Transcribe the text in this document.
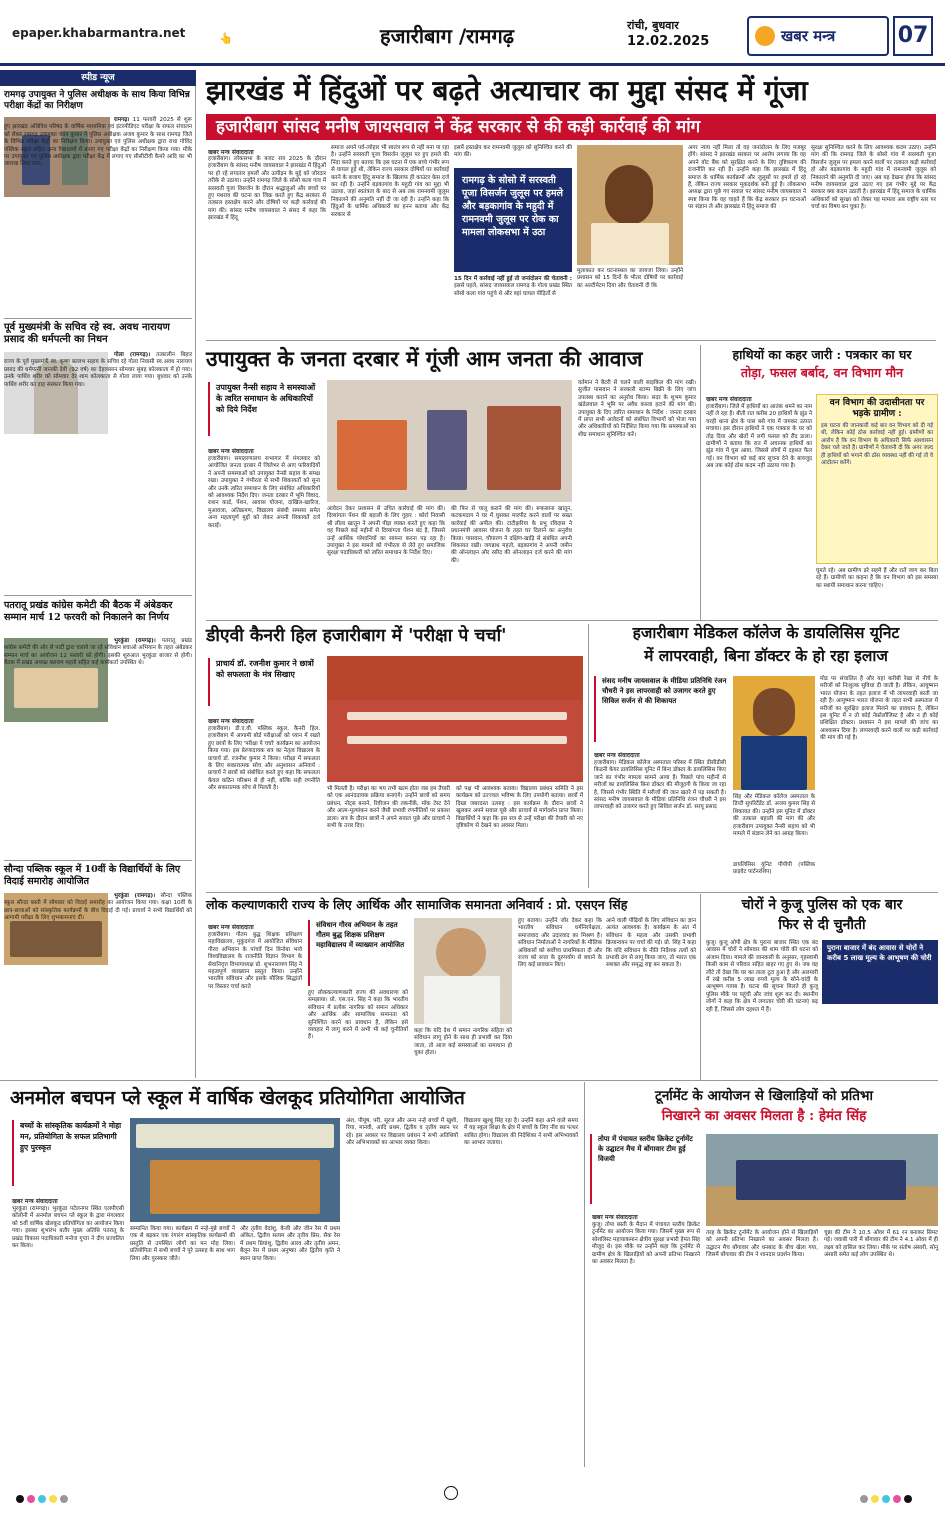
epaper.khabarmantra.net	👆	हजारीबाग /रामगढ़	रांची, बुधवार
12.02.2025	खबर मन्त्र	07
स्पीड न्यूज
रामगढ़ उपायुक्त ने पुलिस अधीक्षक के साथ किया विभिन्न परीक्षा केंद्रों का निरीक्षण
रामगढ़। 11 फरवरी 2025 से शुरू हुए झारखंड अधिविध परिषद के वार्षिक माध्यमिक एवं इंटरमीडिएट परीक्षा के सफल संचालन को लेकर रामगढ़ उपायुक्त चंदन कुमार ने पुलिस अधीक्षक अजय कुमार के साथ रामगढ़ जिले के विभिन्न परीक्षा केंद्रों का निरीक्षण किया। उपायुक्त एवं पुलिस अधीक्षक द्वारा राधा गोविंद पब्लिक स्कूल सहित अन्य विद्यालयों में बनाए गए परीक्षा केंद्रों का निरीक्षण किया गया। मौके पर उपायुक्त एवं पुलिस अधीक्षक द्वारा परीक्षा केंद्र में लगाए गए सीसीटीवी कैमरे आदि का भी जायजा लिया गया।
पूर्व मुख्यमंत्री के सचिव रहे स्व. अवध नारायण प्रसाद की धर्मपत्नी का निधन
गोला (रामगढ़)। तत्कालीन बिहार राज्य के पूर्व मुख्यमंत्री स्व. कृष्ण बल्लभ सहाय के सचिव रहे गोला निवासी स्व.अवध नारायण प्रसाद की धर्मपत्नी जानकी देवी (92 वर्ष) का देहावसान सोमवार सुबह कोलकाता में हो गया। उनके पार्थिव शरीर को सोमवार देर शाम कोलकाता से गोला लाया गया। बुधवार को उनके पार्थिव शरीर का दाह संस्कार किया गया।
पतरातू प्रखंड कांग्रेस कमेटी की बैठक में अंबेडकर सम्मान मार्च 12 फरवरी को निकालने का निर्णय
भुरकुंडा (रामगढ़)। पतरातू प्रखंड कांग्रेस कमेटी की ओर से पार्टी द्वारा चलाये जा रहे संविधान बचाओ अभियान के तहत अंबेडकर सम्मान मार्च का आयोजन 12 फरवरी को होगी। इसकी शुरुआत भुरकुंडा बाजार से होगी। बैठक में प्रखंड अध्यक्ष बलराम महतो सहित कई कार्यकर्ता उपस्थित थे।
सौन्दा पब्लिक स्कूल में 10वीं के विद्यार्थियों के लिए विदाई समारोह आयोजित
भुरकुंडा (रामगढ़)। सौन्दा पब्लिक स्कूल सौन्दा बस्ती में सोमवार को विदाई समारोह का आयोजन किया गया। कक्षा 10वीं के छात्र-छात्राओं को सांस्कृतिक कार्यक्रमों के बीच विदाई दी गई। प्राचार्य ने सभी विद्यार्थियों को आगामी परीक्षा के लिए शुभकामनाएं दीं।
झारखंड में हिंदुओं पर बढ़ते अत्याचार का मुद्दा संसद में गूंजा
हजारीबाग सांसद मनीष जायसवाल ने केंद्र सरकार से की कड़ी कार्रवाई की मांग
खबर मन्त्र संवाददाता
हजारीबाग। लोकसभा के बजट सत्र 2025 के दौरान हजारीबाग के सांसद मनीष जायसवाल ने झारखंड में हिंदुओं पर हो रहे लगातार हमलों और उत्पीड़न के मुद्दे को जोरदार तरीके से उठाया। उन्होंने रामगढ़ जिले के सोसो कला गांव में सरस्वती पूजा विसर्जन के दौरान श्रद्धालुओं और बच्चों पर हुए पथराव की घटना का जिक्र करते हुए केंद्र सरकार से तत्काल हस्तक्षेप करने और दोषियों पर कड़ी कार्रवाई की मांग की। सांसद मनीष जायसवाल ने संसद में कहा कि झारखंड में हिंदू
समाज अपने पर्व-त्योहार भी स्वतंत्र रूप से नहीं मना पा रहा है। उन्होंने सरस्वती पूजा विसर्जन जुलूस पर हुए हमले की निंदा करते हुए बताया कि इस घटना में एक बच्चे गंभीर रूप से घायल हुई थी, लेकिन राज्य सरकार दोषियों पर कार्रवाई करने के बजाय हिंदू समाज के खिलाफ ही काउंटर केस दर्ज कर रही है। उन्होंने बड़कागांव के महुदी गांव का मुद्दा भी उठाया, जहां स्वतंत्रता के बाद से अब तक रामनवमी जुलूस निकालने की अनुमति नहीं दी जा रही है। उन्होंने कहा कि हिंदुओं के धार्मिक अधिकारों का हनन बताया और केंद्र सरकार से
इसमें हस्तक्षेप कर रामनवमी जुलूस को सुनिश्चित करने की मांग की।
रामगढ़ के सोसो में सरस्वती पूजा विसर्जन जुलूस पर हमले और बड़कागांव के महुदी में रामनवमी जुलूस पर रोक का मामला लोकसभा में उठा
15 दिन में कार्रवाई नहीं हुई तो जनांदोलन की चेतावनी : इससे पहले, सांसद जायसवाल रामगढ़ के गोला प्रखंड स्थित सोसो कला गांव पहुंचे थे और वहां घायल पीड़ितों से
मुलाकात कर घटनास्थल का जायजा लिया। उन्होंने प्रशासन को 15 दिनों के भीतर दोषियों पर कार्रवाई का अल्टीमेटम दिया और चेतावनी दी कि
अगर न्याय नहीं मिला तो वह जनांदोलन के लिए मजबूर होंगे। सांसद ने झारखंड सरकार पर आरोप लगाया कि वह अपने वोट बैंक को सुरक्षित करने के लिए तुष्टिकरण की राजनीति कर रही है। उन्होंने कहा कि झारखंड में हिंदू समाज के धार्मिक कार्यक्रमों और जुलूसों पर हमले हो रहे हैं, लेकिन राज्य सरकार मूकदर्शक बनी हुई है। लोकसभा अध्यक्ष द्वारा पूछे गए सवाल पर सांसद मनीष जायसवाल ने स्पष्ट किया कि वह चाहते हैं कि केंद्र सरकार इन घटनाओं पर संज्ञान ले और झारखंड में हिंदू समाज की
सुरक्षा सुनिश्चित करने के लिए आवश्यक कदम उठाए। उन्होंने मांग की कि रामगढ़ जिले के सोसो गांव में सरस्वती पूजा विसर्जन जुलूस पर हमला करने वालों पर तत्काल कड़ी कार्रवाई हो और बड़कागांव के महुदी गांव में रामनवमी जुलूस को निकालने की अनुमति दी जाए। अब यह देखना होगा कि सांसद मनीष जायसवाल द्वारा उठाए गए इस गंभीर मुद्दे पर केंद्र सरकार क्या कदम उठाती है। झारखंड में हिंदू समाज के धार्मिक अधिकारों को सुरक्षा को लेकर यह मामला अब राष्ट्रीय स्तर पर चर्चा का विषय बन चुका है।
उपायुक्त के जनता दरबार में गूंजी आम जनता की आवाज
उपायुक्त नैन्सी सहाय ने समस्याओं के त्वरित समाधान के अधिकारियों को दिये निर्देश
खबर मन्त्र संवाददाता
हजारीबाग। समाहरणालय सभागार में मंगलवार को आयोजित जनता दरबार में जिलेभर से आए फरियादियों ने अपनी समस्याओं को उपायुक्त नैन्सी सहाय के समक्ष रखा। उपायुक्त ने गंभीरता से सभी शिकायतों को सुना और उनके त्वरित समाधान के लिए संबंधित अधिकारियों को आवश्यक निर्देश दिए। जनता दरबार में भूमि विवाद, राशन कार्ड, पेंशन, आवास योजना, दाखिल-खारिज, मुआवजा, अतिक्रमण, विद्यालय संबंधी समस्या समेत अन्य महत्वपूर्ण मुद्दों को लेकर अपनी शिकायतें दर्ज कराईं।
आवेदन देकर प्रशासन से उचित कार्रवाई की मांग की। दिव्यांगता पेंशन की बहाली के लिए गुहार : कोर्रा निवासी श्री लीला खातून ने अपनी पीड़ा व्यक्त करते हुए कहा कि वह पिछले कई महीनों से दिव्यांगता पेंशन बंद है, जिससे उन्हें आर्थिक परेशानियों का सामना करना पड़ रहा है। उपायुक्त ने इस मामले को गंभीरता से लेते हुए समाजिक सुरक्षा पदाधिकारी को त्वरित समाधान के निर्देश दिए।
की फिर से चालू कराने की मांग की। रूकसाना खातून, कटकमदाग ने घर में घुसकर मारपीट करने वालों पर सख्त कार्रवाई की अपील की। टाटीझरिया के प्रभु रविदास ने प्रधानमंत्री आवास योजना के तहत घर दिलाने का अनुरोध किया। पासवान, चौपारण ने दक्षिण-खाड़ि से संबंधित अपनी शिकायत रखी। जगन्नाथ महतो, बड़कागांव ने अपनी जमीन की ऑनलाइन और रसीद की ऑनलाइन दर्ज करने की मांग की।
वर्तमान ने बैटरी से चलने वाली साइकिल की मांग रखी। सुजीत पासवान ने सरकारी स्टाम्प बिक्री के लिए जांच उपलब्ध कराने का अनुरोध किया। सदर के शुभम कुमार खंडेलवाल ने भूमि पर अवैध कब्जा हटाने की मांग की। उपायुक्त के दिए त्वरित समाधान के निर्देश : जनता दरबार में प्राप्त सभी आवेदनों को संबंधित विभागों को भेजा गया और अधिकारियों को निर्देशित किया गया कि समस्याओं का शीघ्र समाधान सुनिश्चित करें।
हाथियों का कहर जारी : पत्रकार का घर
तोड़ा, फसल बर्बाद, वन विभाग मौन
खबर मन्त्र संवाददाता
हजारीबाग। जिले में हाथियों का आतंक थमने का नाम नहीं ले रहा है। बीती रात करीब 20 हाथियों के झुंड ने चरही थाना क्षेत्र के पास बसे गांव में जमकर उत्पात मचाया। इस दौरान हाथियों ने एक पत्रकार के घर को तोड़ दिया और खेतों में लगी फसल को रौंद डाला। ग्रामीणों ने बताया कि रात में अचानक हाथियों का झुंड गांव में घुस आया, जिससे लोगों में दहशत फैल गई। वन विभाग को कई बार सूचना देने के बावजूद अब तक कोई ठोस कदम नहीं उठाया गया है।
वन विभाग की उदासीनता पर भड़के ग्रामीण :
इस घटना की जानकारी कई बार वन विभाग को दी गई थी, लेकिन कोई ठोस कार्रवाई नहीं हुई। ग्रामीणों का आरोप है कि वन विभाग के अधिकारी सिर्फ आश्वासन देकर चले जाते हैं। ग्रामीणों ने चेतावनी दी कि अगर जल्द ही हाथियों को भगाने की ठोस व्यवस्था नहीं की गई तो वे आंदोलन करेंगे।
घूमते रहे। अब ग्रामीण डरे सहमे हैं और रातें जाग कर बिता रहे हैं। ग्रामीणों का कहना है कि वन विभाग को इस समस्या का स्थायी समाधान करना चाहिए।
डीएवी कैनरी हिल हजारीबाग में 'परीक्षा पे चर्चा'
प्राचार्य डॉ. रजनीश कुमार ने छात्रों को सफलता के मंत्र सिखाए
खबर मन्त्र संवाददाता
हजारीबाग। डी.ए.वी. पब्लिक स्कूल, कैनरी हिल, हजारीबाग में आगामी बोर्ड परीक्षाओं को ध्यान में रखते हुए छात्रों के लिए 'परीक्षा पे चर्चा' कार्यक्रम का आयोजन किया गया। इस प्रेरणादायक सत्र का नेतृत्व विद्यालय के प्राचार्य डॉ. रजनीश कुमार ने किया। परीक्षा में सफलता के लिए सकारात्मक सोच और अनुशासन अनिवार्य : प्राचार्य ने छात्रों को संबोधित करते हुए कहा कि सफलता केवल कठिन परिश्रम से ही नहीं, बल्कि सही रणनीति और सकारात्मक सोच से मिलती है।	भी मिलती है। परीक्षा का भय तभी खत्म होता जब हम तैयारी को एक आनंददायक प्रक्रिया बनाएंगे। उन्होंने छात्रों को समय प्रबंधन, नोट्स बनाने, रिवीजन की तकनीकें, मॉक टेस्ट देने और आत्म-मूल्यांकन करने जैसी प्रभावी रणनीतियों पर प्रकाश डाला। सत्र के दौरान छात्रों ने अपने सवाल पूछे और प्राचार्य ने सभी के उत्तर दिए।
को पक्ष भी आवश्यक बताया। विद्यालय प्रबंधन समिति ने इस कार्यक्रम को उज्ज्वल भविष्य के लिए उपयोगी बताया। छात्रों में दिखा जबरदस्त उत्साह : इस कार्यक्रम के दौरान छात्रों ने खुलकर अपने सवाल पूछे और प्राचार्य से मार्गदर्शन प्राप्त किया। विद्यार्थियों ने कहा कि इस सत्र से उन्हें परीक्षा की तैयारी को नए दृष्टिकोण से देखने का अवसर मिला।
हजारीबाग मेडिकल कॉलेज के डायलिसिस यूनिट
में लापरवाही, बिना डॉक्टर के हो रहा इलाज
संसद मनीष जायसवाल के मीडिया प्रतिनिधि रंजन चौधरी ने इस लापरवाही को उजागर करते हुए सिविल सर्जन से की शिकायत
खबर मन्त्र संवाददाता
हजारीबाग। मेडिकल कॉलेज अस्पताल परिसर में स्थित डीसीडीसी किडनी केयर डायलिसिस यूनिट में बिना डॉक्टर के डायलिसिस किए जाने का गंभीर मामला सामने आया है। पिछले पांच महीनों से मरीजों का डायलिसिस बिना डॉक्टर की मौजूदगी के किया जा रहा है, जिससे गंभीर स्थिति में मरीजों की जान खतरे में पड़ सकती है। सांसद मनीष जायसवाल के मीडिया प्रतिनिधि रंजन चौधरी ने इस लापरवाही को उजागर करते हुए सिविल सर्जन डॉ. सरयू प्रसाद
सिंह और मेडिकल कॉलेज अस्पताल के डिप्टी सुपरिटेंडेंट डॉ. अजय कुमार सिंह से शिकायत की। उन्होंने इस यूनिट में डॉक्टर की तत्काल बहाली की मांग की और हजारीबाग उपायुक्त नैन्सी सहाय को भी मामले में संज्ञान लेने का आग्रह किया।
डायलिसिस यूनिट पीपीपी (पब्लिक प्राइवेट पार्टनरशिप)
मोड पर संचालित है और यहां करीबी रेखा से नीचे के मरीजों को निःशुल्क सुविधा दी जाती है। लेकिन, आयुष्मान भारत योजना के तहत इलाज में भी लापरवाही बरती जा रही है। आयुष्मान भारत योजना के तहत सभी अस्पताल में मरीजों का सुरक्षित इलाज मिलने का प्रावधान है, लेकिन इस यूनिट में न तो कोई नेफ्रोलॉजिस्ट है और न ही कोई प्रशिक्षित डॉक्टर। प्रशासन ने इस मामले की जांच का आश्वासन दिया है। लापरवाही करने वालों पर कड़ी कार्रवाई की मांग की गई है।
लोक कल्याणकारी राज्य के लिए आर्थिक और सामाजिक समानता अनिवार्य : प्रो. एसएन सिंह
खबर मन्त्र संवाददाता
हजारीबाग। गौतम बुद्ध शिक्षक प्रशिक्षण महाविद्यालय, मुकुंदगंज में आयोजित संविधान गौरव अभियान के पांचवें दिन विनोबा भावे विश्वविद्यालय के राजनीति विज्ञान विभाग के सेवानिवृत्त विभागाध्यक्ष प्रो. शुभनारायण सिंह ने महत्वपूर्ण व्याख्यान प्रस्तुत किया। उन्होंने भारतीय संविधान और इसके मौलिक सिद्धांतों पर विस्तार चर्चा करते
संविधान गौरव अभियान के तहत गौतम बुद्ध शिक्षक प्रशिक्षण महाविद्यालय में व्याख्यान आयोजित
हुए लोककल्याणकारी राज्य की अवधारणा को समझाया। प्रो. एस.एन. सिंह ने कहा कि भारतीय संविधान में प्रत्येक नागरिक को समान अधिकार और आर्थिक और सामाजिक समानता को सुनिश्चित करने का प्रावधान है, लेकिन इसे व्यवहार में लागू करने में अभी भी कई चुनौतियाँ हैं।
कहा कि यदि देश में समान नागरिक संहिता को संविधान लागू होने के साथ ही प्रभावी कर दिया जाता, तो आज कई समस्याओं का समाधान हो चुका होता।
हुए बताया। उन्होंने जोर देकर कहा कि भारतीय संविधान धर्मनिरपेक्षता, समाजवाद और उदारवाद का मिश्रण है। संविधान निर्माताओं ने नागरिकों के मौलिक अधिकारों को सर्वोच्च प्राथमिकता दी और राज्य को सत्ता के दुरुपयोग से बचाने के लिए कई प्रावधान किए।
आने वाली पीढ़ियों के लिए संविधान का ज्ञान अत्यंत आवश्यक है। कार्यक्रम के अंत में संविधान के महत्व और उसकी प्रभावी क्रियान्वयन पर चर्चा की गई। प्रो. सिंह ने कहा कि यदि संविधान के नीति निर्देशक तत्वों को प्रभावी ढंग से लागू किया जाए, तो भारत एक सशक्त और समृद्ध राष्ट्र बन सकता है।
चोरों ने कुजू पुलिस को एक बार
फिर से दी चुनौती
पुराना बाजार में बंद आवास से चोरों ने करीब 5 लाख मूल्य के आभूषण की चोरी
कुजू। कुजू ओपी क्षेत्र के पुराना बाजार स्थित एक बंद आवास में चोरों ने सोमवार की शाम चोरी की घटना को अंजाम दिया। मामले की जानकारी के अनुसार, गृहस्वामी किसी काम से परिवार सहित बाहर गए हुए थे। जब वह लौटे तो देखा कि घर का ताला टूटा हुआ है और अलमारी में रखे करीब 5 लाख रुपये मूल्य के सोने-चांदी के आभूषण गायब हैं। घटना की सूचना मिलते ही कुजू पुलिस मौके पर पहुंची और जांच शुरू कर दी। स्थानीय लोगों ने कहा कि क्षेत्र में लगातार चोरी की घटनाएं बढ़ रही हैं, जिससे लोग दहशत में हैं।
अनमोल बचपन प्ले स्कूल में वार्षिक खेलकूद प्रतियोगिता आयोजित
बच्चों के सांस्कृतिक कार्यक्रमों ने मोहा मन, प्रतियोगिता के सफल प्रतिभागी हुए पुरस्कृत
खबर मन्त्र संवाददाता
भुरकुंडा (रामगढ़)। भुरकुंडा पटेलनगर स्थित एलपीएसी कॉलोनी में अनमोल बचपन प्ले स्कूल के द्वारा मंगलवार को 5वीं वार्षिक खेलकूद प्रतियोगिता का आयोजन किया गया। इसका शुभारंभ बतौर मुख्य अतिथि पतरातू के प्रखंड विकास पदाधिकारी मनोज गुप्ता ने दीप प्रज्वलित कर किया।
सम्मानित किया गया। कार्यक्रम में नन्हे-मुन्ने बच्चों ने एक से बढ़कर एक रंगारंग सांस्कृतिक कार्यक्रमों की प्रस्तुति से उपस्थित लोगों का मन मोह लिया। प्रतियोगिता में सभी बच्चों ने पूरे उत्साह के साथ भाग लिया और पुरस्कार जीते।
और तृतीय वेदांशु, केजी और जीन रेस में प्रथम अंकित, द्वितीय सत्यम और तृतीय प्रिंस, सैक रेस में प्रथम प्रियांशु, द्वितीय आरव और तृतीय अमन, बैलून रेस में प्रथम अनुष्का और द्वितीय कृति ने स्थान प्राप्त किया।
अंश, पीयूष, परी, सूरज और अन्य नन्हे बच्चों में खुशी, रिया, मानवी, आदि प्रथम, द्वितीय व तृतीय स्थान पर रहे। इस अवसर पर विद्यालय प्रबंधन ने सभी अतिथियों और अभिभावकों का आभार व्यक्त किया।
विद्यालय खुश्बू सिंह रहा है। उन्होंने कहा आने वाले समय में यह स्कूल शिक्षा के क्षेत्र में बच्चों के लिए नींव का पत्थर साबित होगा। विद्यालय की निदेशिका ने सभी अभिभावकों का आभार जताया।
टूर्नामेंट के आयोजन से खिलाड़ियों को प्रतिभा
निखारने का अवसर मिलता है : हेमंत सिंह
तोपा में पंचायत स्तरीय क्रिकेट टूर्नामेंट के उद्घाटन मैच में बोंगावार टीम हुई विजयी
खबर मन्त्र संवाददाता
कुजू। तोपा बस्ती के मैदान में पंचायत स्तरीय क्रिकेट टूर्नामेंट का आयोजन किया गया। जिसमें मुख्य रूप से सोशलिस्ट महायाकमान क्षेत्रीय सुरक्षा प्रभारी हेमंत सिंह मौजूद थे। इस मौके पर उन्होंने कहा कि टूर्नामेंट से ग्रामीण क्षेत्र के खिलाड़ियों को अपनी प्रतिभा निखारने का अवसर मिलता है।
तरह के क्रिकेट टूर्नामेंट के आयोजन होने से खिलाड़ियों को अपनी प्रतिभा निखारने का अवसर मिलता है। उद्घाटन मैच बोंगावार और धनबाद के बीच खेला गया, जिसमें बोंगावार की टीम ने शानदार प्रदर्शन किया।
चुन्ना की टीम ने 10.5 ओवर में 61 रन बनाकर सिमट गई। जवाबी पारी में बोंगावार की टीम ने 4.1 ओवर में ही लक्ष्य को हासिल कर लिया। मौके पर संतोष अंसारी, सोनू अंसारी समेत कई लोग उपस्थित थे।
